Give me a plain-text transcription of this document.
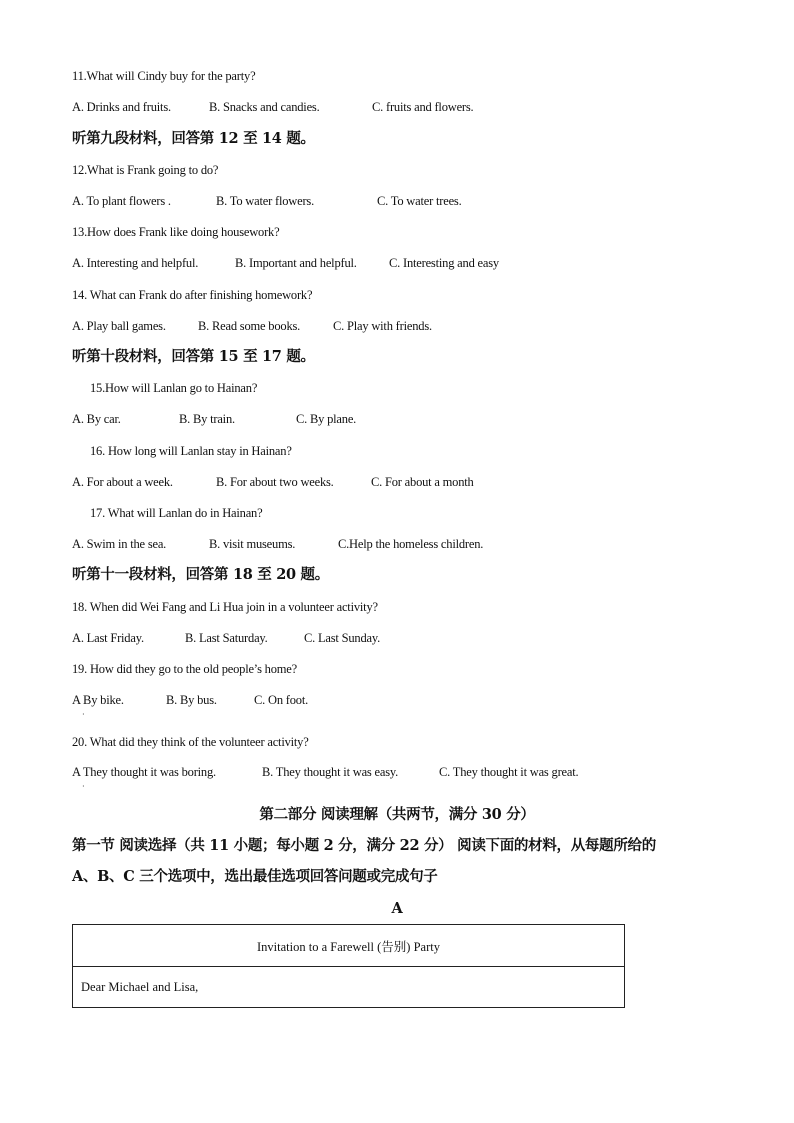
11.What will Cindy buy for the party?
A. Drinks and fruits.	B. Snacks and candies.	C. fruits and flowers.
听第九段材料，回答第 12 至 14 题。
12.What is Frank going to do?
A. To plant flowers .	B. To water flowers.	C. To water trees.
13.How does Frank like doing housework?
A. Interesting and helpful.	B. Important and helpful.	C. Interesting and easy
14. What can Frank do after finishing homework?
A. Play ball games.	B. Read some books.	C. Play with friends.
听第十段材料，回答第 15 至 17 题。
15.How will Lanlan go to Hainan?
A. By car.	B. By train.	C. By plane.
16. How long will Lanlan stay in Hainan?
A. For about a week.	B. For about two weeks.	C. For about a month
17. What will Lanlan do in Hainan?
A. Swim in the sea.	B. visit museums.	C.Help the homeless children.
听第十一段材料，回答第 18 至 20 题。
18. When did Wei Fang and Li Hua join in a volunteer activity?
A. Last Friday.	B. Last Saturday.	C. Last Sunday.
19. How did they go to the old people’s home?
A By bike.	B. By bus.	C. On foot.
·
20. What did they think of the volunteer activity?
A They thought it was boring.	B. They thought it was easy.	C. They thought it was great.
·
第二部分 阅读理解（共两节，满分 30 分）
第一节 阅读选择（共 11 小题；每小题 2 分，满分 22 分） 阅读下面的材料，从每题所给的
A、B、C 三个选项中，选出最佳选项回答问题或完成句子
A
Invitation to a Farewell (告别) Party
Dear Michael and Lisa,
